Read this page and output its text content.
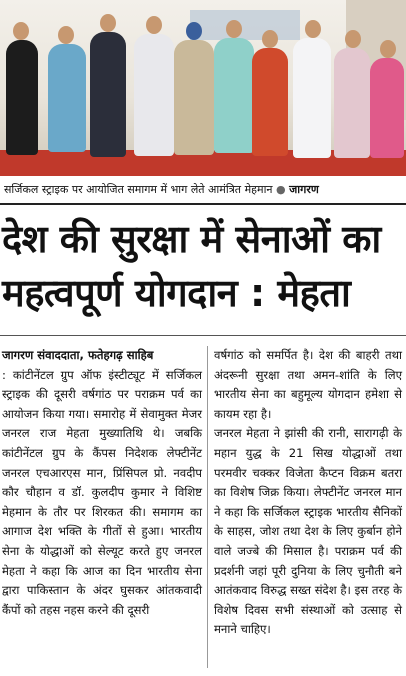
सर्जिकल स्ट्राइक पर आयोजित समागम में भाग लेते आमंत्रित मेहमान ● जागरण
देश की सुरक्षा में सेनाओं का
महत्वपूर्ण योगदान : मेहता

जागरण संवाददाता, फतेहगढ़ साहिब
: कांटीनेंटल ग्रुप ऑफ इंस्टीट्यूट में सर्जिकल स्ट्राइक की दूसरी वर्षगांठ पर पराक्रम पर्व का आयोजन किया गया। समारोह में सेवामुक्त मेजर जनरल राज मेहता मुख्यातिथि थे। जबकि कांटीनेंटल ग्रुप के कैंपस निदेशक लेफ्टीनेंट जनरल एचआरएस मान, प्रिंसिपल प्रो. नवदीप कौर चौहान व डॉ. कुलदीप कुमार ने विशिष्ट मेहमान के तौर पर शिरकत की। समागम का आगाज देश भक्ति के गीतों से हुआ। भारतीय सेना के योद्धाओं को सेल्यूट करते हुए जनरल मेहता ने कहा कि आज का दिन भारतीय सेना द्वारा पाकिस्तान के अंदर घुसकर आंतकवादी कैंपों को तहस नहस करने की दूसरी

वर्षगांठ को समर्पित है। देश की बाहरी तथा अंदरूनी सुरक्षा तथा अमन-शांति के लिए भारतीय सेना का बहुमूल्य योगदान हमेशा से कायम रहा है।

जनरल मेहता ने झांसी की रानी, सारागढ़ी के महान युद्ध के 21 सिख योद्धाओं तथा परमवीर चक्कर विजेता कैप्टन विक्रम बतरा का विशेष जिक्र किया। लेफ्टीनेंट जनरल मान ने कहा कि सर्जिकल स्ट्राइक भारतीय सैनिकों के साहस, जोश तथा देश के लिए कुर्बान होने वाले जज्बे की मिसाल है। पराक्रम पर्व की प्रदर्शनी जहां पूरी दुनिया के लिए चुनौती बने आतंकवाद विरुद्ध सख्त संदेश है। इस तरह के विशेष दिवस सभी संस्थाओं को उत्साह से मनाने चाहिए।
